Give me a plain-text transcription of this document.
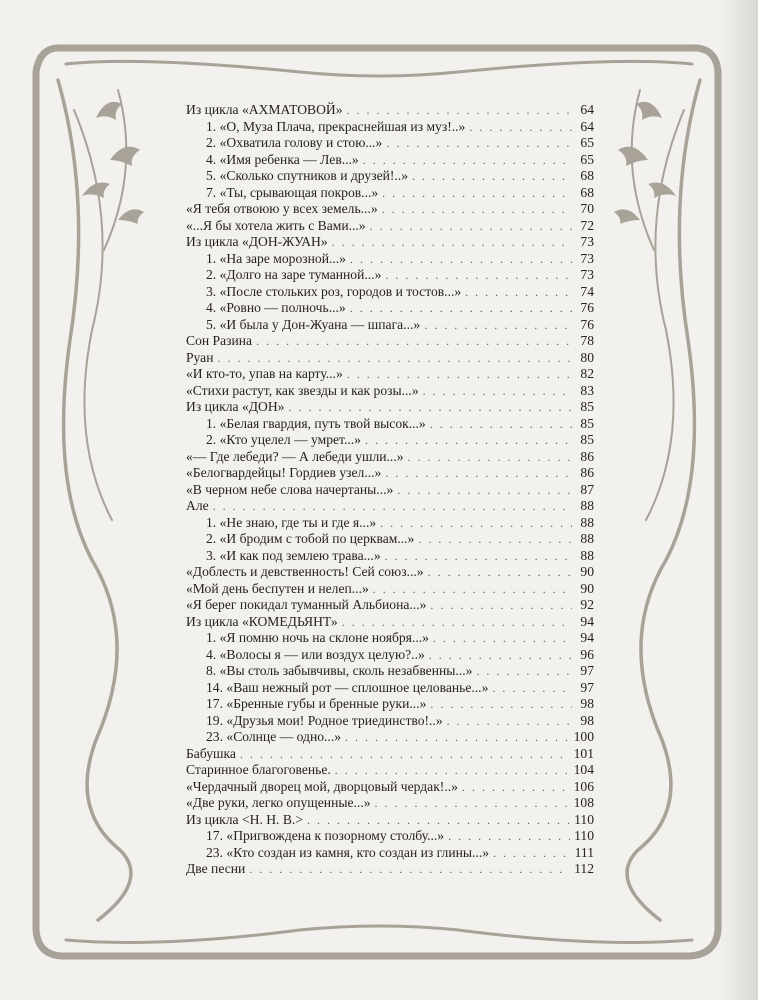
Из цикла «АХМАТОВОЙ» . . .	64
1. «О, Муза Плача, прекраснейшая из муз!..» . . .	64
2. «Охватила голову и стою...» . . .	65
4. «Имя ребенка — Лев...» . . .	65
5. «Сколько спутников и друзей!..» . . .	68
7. «Ты, срывающая покров...» . . .	68
«Я тебя отвоюю у всех земель...» . . .	70
«...Я бы хотела жить с Вами...» . . .	72
Из цикла «ДОН-ЖУАН» . . .	73
1. «На заре морозной...» . . .	73
2. «Долго на заре туманной...» . . .	73
3. «После стольких роз, городов и тостов...» . . .	74
4. «Ровно — полночь...» . . .	76
5. «И была у Дон-Жуана — шпага...» . . .	76
Сон Разина . . .	78
Руан . . .	80
«И кто-то, упав на карту...» . . .	82
«Стихи растут, как звезды и как розы...» . . .	83
Из цикла «ДОН» . . .	85
1. «Белая гвардия, путь твой высок...» . . .	85
2. «Кто уцелел — умрет...» . . .	85
«— Где лебеди? — А лебеди ушли...» . . .	86
«Белогвардейцы! Гордиев узел...» . . .	86
«В черном небе слова начертаны...» . . .	87
Але . . .	88
1. «Не знаю, где ты и где я...» . . .	88
2. «И бродим с тобой по церквам...» . . .	88
3. «И как под землею трава...» . . .	88
«Доблесть и девственность! Сей союз...» . . .	90
«Мой день беспутен и нелеп...» . . .	90
«Я берег покидал туманный Альбиона...» . . .	92
Из цикла «КОМЕДЬЯНТ» . . .	94
1. «Я помню ночь на склоне ноября...» . . .	94
4. «Волосы я — или воздух целую?..» . . .	96
8. «Вы столь забывчивы, сколь незабвенны...» . . .	97
14. «Ваш нежный рот — сплошное целованье...» . . .	97
17. «Бренные губы и бренные руки...» . . .	98
19. «Друзья мои! Родное триединство!..» . . .	98
23. «Солнце — одно...» . . .	100
Бабушка . . .	101
Старинное благоговенье. . . .	104
«Чердачный дворец мой, дворцовый чердак!..» . . .	106
«Две руки, легко опущенные...» . . .	108
Из цикла <Н. Н. В.> . . .	110
17. «Пригвождена к позорному столбу...» . . .	110
23. «Кто создан из камня, кто создан из глины...» . . .	111
Две песни . . .	112
